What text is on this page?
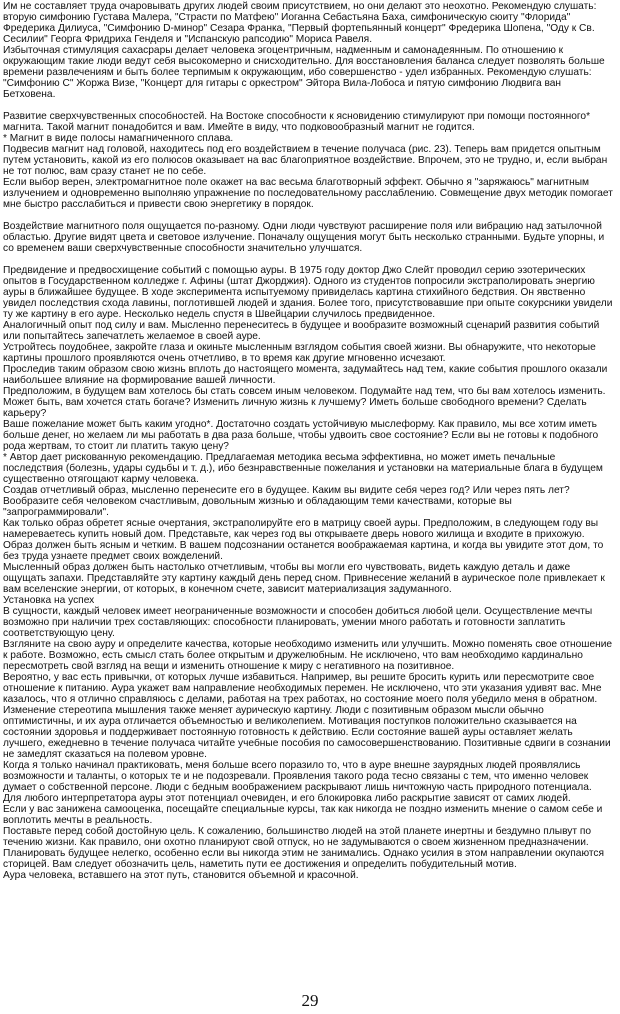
Им не составляет труда очаровывать других людей своим присутствием, но они делают это неохотно. Рекомендую слушать: вторую симфонию Густава Малера, "Страсти по Матфею" Иоганна Себастьяна Баха, симфоническую сюиту "Флорида" Фредерика Дилиуса, "Симфонию D-минор" Сезара Франка, "Первый фортепьянный концерт" Фредерика Шопена, "Оду к Св. Сесилии" Георга Фридриха Генделя и "Испанскую рапсодию" Мориса Равеля.

Избыточная стимуляция сахасрары делает человека эгоцентричным, надменным и самонадеянным. По отношению к окружающим такие люди ведут себя высокомерно и снисходительно. Для восстановления баланса следует позволять больше времени развлечениям и быть более терпимым к окружающим, ибо совершенство - удел избранных. Рекомендую слушать: "Симфонию С" Жоржа Визе, "Концерт для гитары с оркестром" Эйтора Вила-Лобоса и пятую симфонию Людвига ван Бетховена.

Развитие сверхчувственных способностей. На Востоке способности к ясновидению стимулируют при помощи постоянного* магнита. Такой магнит понадобится и вам. Имейте в виду, что подковообразный магнит не годится.

* Магнит в виде полосы намагниченного сплава.

Подвесив магнит над головой, находитесь под его воздействием в течение получаса (рис. 23). Теперь вам придется опытным путем установить, какой из его полюсов оказывает на вас благоприятное воздействие. Впрочем, это не трудно, и, если выбран не тот полюс, вам сразу станет не по себе.

Если выбор верен, электромагнитное поле окажет на вас весьма благотворный эффект. Обычно я "заряжаюсь" магнитным излучением и одновременно выполняю упражнение по последовательному расслаблению. Совмещение двух методик помогает мне быстро расслабиться и привести свою энергетику в порядок.

Воздействие магнитного поля ощущается по-разному. Одни люди чувствуют расширение поля или вибрацию над затылочной областью. Другие видят цвета и световое излучение. Поначалу ощущения могут быть несколько странными. Будьте упорны, и со временем ваши сверхчувственные способности значительно улучшатся.

Предвидение и предвосхищение событий с помощью ауры. В 1975 году доктор Джо Слейт проводил серию эзотерических опытов в Государственном колледже г. Афины (штат Джорджия). Одного из студентов попросили экстраполировать энергию ауры в ближайшее будущее. В ходе эксперимента испытуемому привиделась картина стихийного бедствия. Он явственно увидел последствия схода лавины, поглотившей людей и здания. Более того, присутствовавшие при опыте сокурсники увидели ту же картину в его ауре. Несколько недель спустя в Швейцарии случилось предвиденное.

Аналогичный опыт под силу и вам. Мысленно перенеситесь в будущее и вообразите возможный сценарий развития событий или попытайтесь запечатлеть желаемое в своей ауре.

Устройтесь поудобнее, закройте глаза и окиньте мысленным взглядом события своей жизни. Вы обнаружите, что некоторые картины прошлого проявляются очень отчетливо, в то время как другие мгновенно исчезают.

Проследив таким образом свою жизнь вплоть до настоящего момента, задумайтесь над тем, какие события прошлого оказали наибольшее влияние на формирование вашей личности.

Предположим, в будущем вам хотелось бы стать совсем иным человеком. Подумайте над тем, что бы вам хотелось изменить. Может быть, вам хочется стать богаче? Изменить личную жизнь к лучшему? Иметь больше свободного времени? Сделать карьеру?

Ваше пожелание может быть каким угодно*. Достаточно создать устойчивую мыслеформу. Как правило, мы все хотим иметь больше денег, но желаем ли мы работать в два раза больше, чтобы удвоить свое состояние? Если вы не готовы к подобного рода жертвам, то стоит ли платить такую цену?

* Автор дает рискованную рекомендацию. Предлагаемая методика весьма эффективна, но может иметь печальные последствия (болезнь, удары судьбы и т. д.), ибо безнравственные пожелания и установки на материальные блага в будущем существенно отягощают карму человека.

Создав отчетливый образ, мысленно перенесите его в будущее. Каким вы видите себя через год? Или через пять лет? Вообразите себя человеком счастливым, довольным жизнью и обладающим теми качествами, которые вы "запрограммировали".

Как только образ обретет ясные очертания, экстраполируйте его в матрицу своей ауры. Предположим, в следующем году вы намереваетесь купить новый дом. Представьте, как через год вы открываете дверь нового жилища и входите в прихожую. Образ должен быть ясным и четким. В вашем подсознании останется воображаемая картина, и когда вы увидите этот дом, то без труда узнаете предмет своих вожделений.

Мысленный образ должен быть настолько отчетливым, чтобы вы могли его чувствовать, видеть каждую деталь и даже ощущать запахи. Представляйте эту картину каждый день перед сном. Привнесение желаний в аурическое поле привлекает к вам вселенские энергии, от которых, в конечном счете, зависит материализация задуманного.

Установка на успех

В сущности, каждый человек имеет неограниченные возможности и способен добиться любой цели. Осуществление мечты возможно при наличии трех составляющих: способности планировать, умении много работать и готовности заплатить соответствующую цену.

Взгляните на свою ауру и определите качества, которые необходимо изменить или улучшить. Можно поменять свое отношение к работе. Возможно, есть смысл стать более открытым и дружелюбным. Не исключено, что вам необходимо кардинально пересмотреть свой взгляд на вещи и изменить отношение к миру с негативного на позитивное.

Вероятно, у вас есть привычки, от которых лучше избавиться. Например, вы решите бросить курить или пересмотрите свое отношение к питанию. Аура укажет вам направление необходимых перемен. Не исключено, что эти указания удивят вас. Мне казалось, что я отлично справляюсь с делами, работая на трех работах, но состояние моего поля убедило меня в обратном.

Изменение стереотипа мышления также меняет аурическую картину. Люди с позитивным образом мысли обычно оптимистичны, и их аура отличается объемностью и великолепием. Мотивация поступков положительно сказывается на состоянии здоровья и поддерживает постоянную готовность к действию. Если состояние вашей ауры оставляет желать лучшего, ежедневно в течение получаса читайте учебные пособия по самосовершенствованию. Позитивные сдвиги в сознании не замедлят сказаться на полевом уровне.

Когда я только начинал практиковать, меня больше всего поразило то, что в ауре внешне заурядных людей проявлялись возможности и таланты, о которых те и не подозревали. Проявления такого рода тесно связаны с тем, что именно человек думает о собственной персоне. Люди с бедным воображением раскрывают лишь ничтожную часть природного потенциала.

Для любого интерпретатора ауры этот потенциал очевиден, и его блокировка либо раскрытие зависят от самих людей.

Если у вас занижена самооценка, посещайте специальные курсы, так как никогда не поздно изменить мнение о самом себе и воплотить мечты в реальность.

Поставьте перед собой достойную цель. К сожалению, большинство людей на этой планете инертны и бездумно плывут по течению жизни. Как правило, они охотно планируют свой отпуск, но не задумываются о своем жизненном предназначении.

Планировать будущее нелегко, особенно если вы никогда этим не занимались. Однако усилия в этом направлении окупаются сторицей. Вам следует обозначить цель, наметить пути ее достижения и определить побудительный мотив.

Аура человека, вставшего на этот путь, становится объемной и красочной.

29
